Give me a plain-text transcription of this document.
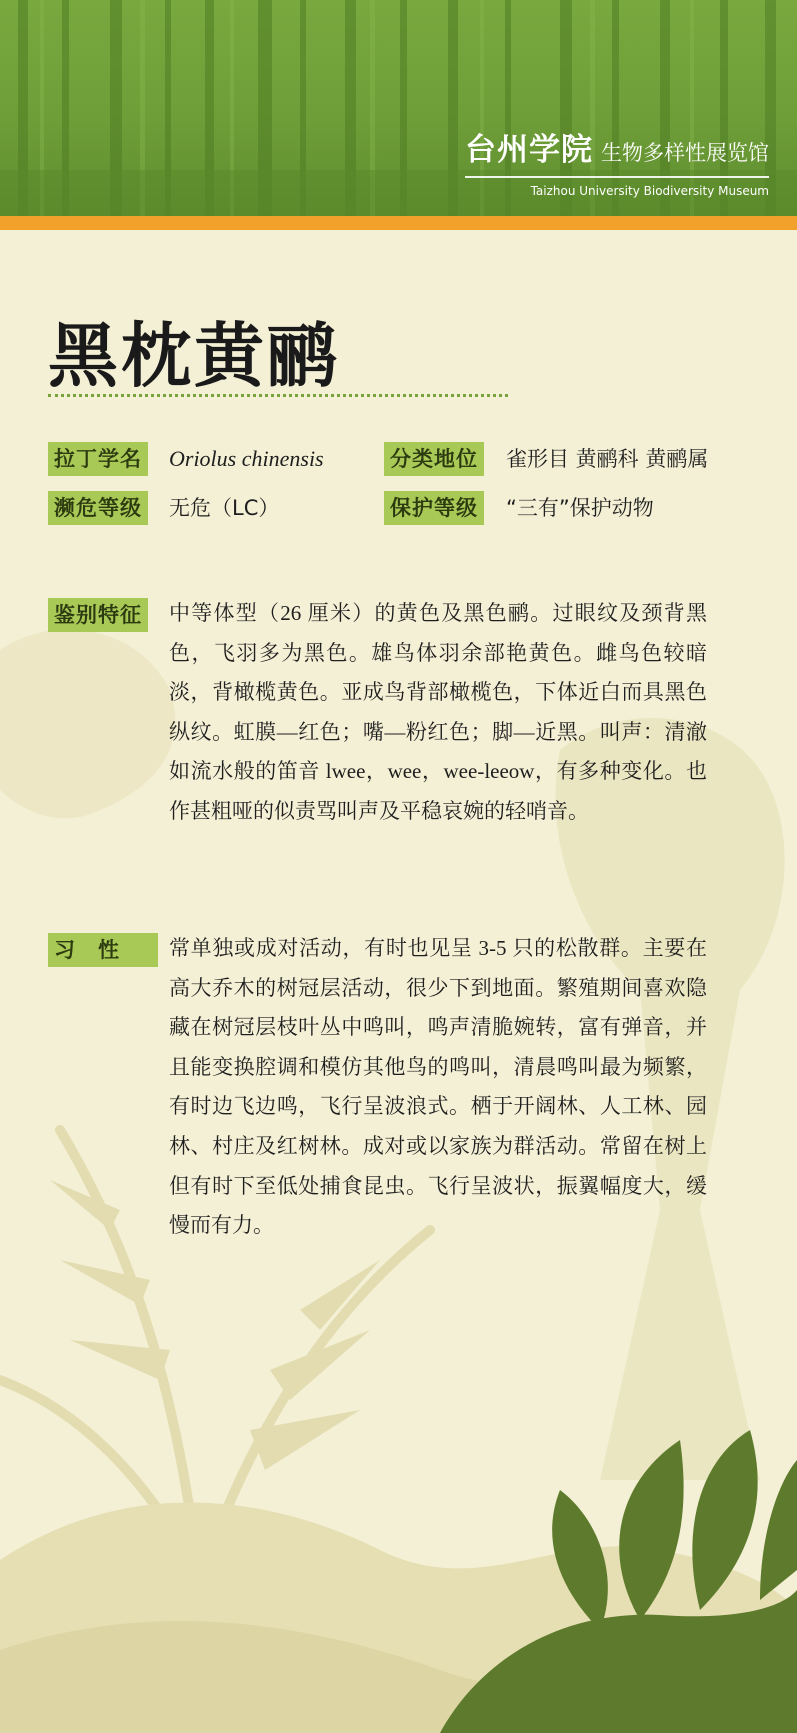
台州学院 生物多样性展览馆
Taizhou University Biodiversity Museum
黑枕黄鹂
拉丁学名 Oriolus chinensis	分类地位 雀形目 黄鹂科 黄鹂属
濒危等级 无危（LC）	保护等级 “三有”保护动物
鉴别特征 中等体型（26 厘米）的黄色及黑色鹂。过眼纹及颈背黑色，飞羽多为黑色。雄鸟体羽余部艳黄色。雌鸟色较暗淡，背橄榄黄色。亚成鸟背部橄榄色，下体近白而具黑色纵纹。虹膜—红色；嘴—粉红色；脚—近黑。叫声：清澈如流水般的笛音 lwee，wee，wee-leeow，有多种变化。也作甚粗哑的似责骂叫声及平稳哀婉的轻哨音。
习　性	常单独或成对活动，有时也见呈 3-5 只的松散群。主要在高大乔木的树冠层活动，很少下到地面。繁殖期间喜欢隐藏在树冠层枝叶丛中鸣叫，鸣声清脆婉转，富有弹音，并且能变换腔调和模仿其他鸟的鸣叫，清晨鸣叫最为频繁，有时边飞边鸣，飞行呈波浪式。栖于开阔林、人工林、园林、村庄及红树林。成对或以家族为群活动。常留在树上但有时下至低处捕食昆虫。飞行呈波状，振翼幅度大，缓慢而有力。
